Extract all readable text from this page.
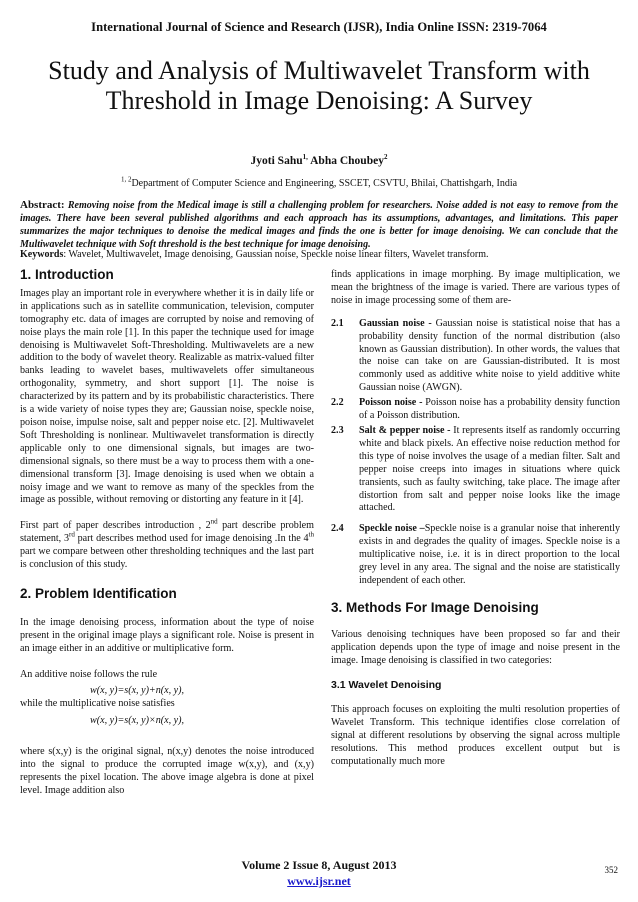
International Journal of Science and Research (IJSR), India Online ISSN: 2319-7064
Study and Analysis of Multiwavelet Transform with
Threshold in Image Denoising: A Survey
Jyoti Sahu$^{1,}$ Abha Choubey$^2$
$^{1, 2}$Department of Computer Science and Engineering, SSCET, CSVTU, Bhilai, Chattishgarh, India
Abstract: Removing noise from the Medical image is still a challenging problem for researchers. Noise added is not easy to remove from the images. There have been several published algorithms and each approach has its assumptions, advantages, and limitations. This paper summarizes the major techniques to denoise the medical images and finds the one is better for image denoising. We can conclude that the Multiwavelet technique with Soft threshold is the best technique for image denoising.
Keywords: Wavelet, Multiwavelet, Image denoising, Gaussian noise, Speckle noise linear filters, Wavelet transform.
1. Introduction

Images play an important role in everywhere whether it is in daily life or in applications such as in satellite communication, television, computer tomography etc. data of images are corrupted by noise and removing of noise plays the main role [1]. In this paper the technique used for image denoising is Multiwavelet Soft-Thresholding. Multiwavelets are a new addition to the body of wavelet theory. Realizable as matrix-valued filter banks leading to wavelet bases, multiwavelets offer simultaneous orthogonality, symmetry, and short support [1]. The noise is characterized by its pattern and by its probabilistic characteristics. There is a wide variety of noise types they are; Gaussian noise, speckle noise, poison noise, impulse noise, salt and pepper noise etc. [2]. Multiwavelet Soft Thresholding is nonlinear. Multiwavelet transformation is directly applicable only to one dimensional signals, but images are two-dimensional signals, so there must be a way to process them with a one-dimensional transform [3]. Image denoising is used when we obtain a noisy image and we want to remove as many of the speckles from the image as possible, without removing or distorting any feature in it [4].

First part of paper describes introduction , 2nd part describe problem statement, 3rd part describes method used for image denoising .In the 4th part we compare between other thresholding techniques and the last part is conclusion of this study.

2. Problem Identification

In the image denoising process, information about the type of noise present in the original image plays a significant role. Noise is present in an image either in an additive or multiplicative form.

An additive noise follows the rule

w(x, y)=s(x, y)+n(x, y),

while the multiplicative noise satisfies

w(x, y)=s(x, y)×n(x, y),

where s(x,y) is the original signal, n(x,y) denotes the noise introduced into the signal to produce the corrupted image w(x,y), and (x,y) represents the pixel location. The above image algebra is done at pixel level. Image addition also

finds applications in image morphing. By image multiplication, we mean the brightness of the image is varied. There are various types of noise in image processing some of them are-

2.1	Gaussian noise - Gaussian noise is statistical noise that has a probability density function of the normal distribution (also known as Gaussian distribution). In other words, the values that the noise can take on are Gaussian-distributed. It is most commonly used as additive white noise to yield additive white Gaussian noise (AWGN).
2.2	Poisson noise - Poisson noise has a probability density function of a Poisson distribution.
2.3	Salt & pepper noise - It represents itself as randomly occurring white and black pixels. An effective noise reduction method for this type of noise involves the usage of a median filter. Salt and pepper noise creeps into images in situations where quick transients, such as faulty switching, take place. The image after distortion from salt and pepper noise looks like the image attached.
2.4	Speckle noise –Speckle noise is a granular noise that inherently exists in and degrades the quality of images. Speckle noise is a multiplicative noise, i.e. it is in direct proportion to the local grey level in any area. The signal and the noise are statistically independent of each other.
3. Methods For Image Denoising

Various denoising techniques have been proposed so far and their application depends upon the type of image and noise present in the image. Image denoising is classified in two categories:

3.1 Wavelet Denoising

This approach focuses on exploiting the multi resolution properties of Wavelet Transform. This technique identifies close correlation of signal at different resolutions by observing the signal across multiple resolutions. This method produces excellent output but is computationally much more

Volume 2 Issue 8, August 2013
www.ijsr.net
352
